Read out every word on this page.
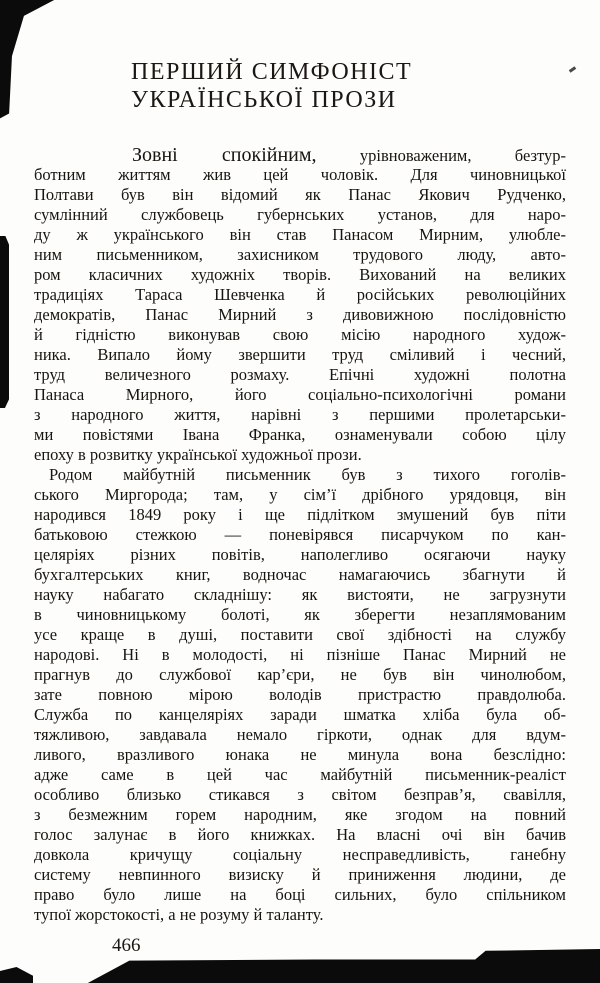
ПЕРШИЙ СИМФОНІСТ
УКРАЇНСЬКОЇ ПРОЗИ
Зовні спокійним, урівноваженим, безтур-
ботним життям жив цей чоловік. Для чиновницької
Полтави був він відомий як Панас Якович Рудченко,
сумлінний службовець губернських установ, для наро-
ду ж українського він став Панасом Мирним, улюбле-
ним письменником, захисником трудового люду, авто-
ром класичних художніх творів. Вихований на великих
традиціях Тараса Шевченка й російських революційних
демократів, Панас Мирний з дивовижною послідовністю
й гідністю виконував свою місію народного худож-
ника. Випало йому звершити труд сміливий і чесний,
труд величезного розмаху. Епічні художні полотна
Панаса Мирного, його соціально-психологічні романи
з народного життя, нарівні з першими пролетарськи-
ми повістями Івана Франка, ознаменували собою цілу
епоху в розвитку української художньої прози.
Родом майбутній письменник був з тихого гоголів-
ського Миргорода; там, у сім’ї дрібного урядовця, він
народився 1849 року і ще підлітком змушений був піти
батьковою стежкою — поневірявся писарчуком по кан-
целяріях різних повітів, наполегливо осягаючи науку
бухгалтерських книг, водночас намагаючись збагнути й
науку набагато складнішу: як вистояти, не загрузнути
в чиновницькому болоті, як зберегти незаплямованим
усе краще в душі, поставити свої здібності на службу
народові. Ні в молодості, ні пізніше Панас Мирний не
прагнув до службової кар’єри, не був він чинолюбом,
зате повною мірою володів пристрастю правдолюба.
Служба по канцеляріях заради шматка хліба була об-
тяжливою, завдавала немало гіркоти, однак для вдум-
ливого, вразливого юнака не минула вона безслідно:
адже саме в цей час майбутній письменник-реаліст
особливо близько стикався з світом безправ’я, свавілля,
з безмежним горем народним, яке згодом на повний
голос залунає в його книжках. На власні очі він бачив
довкола кричущу соціальну несправедливість, ганебну
систему невпинного визиску й приниження людини, де
право було лише на боці сильних, було спільником
тупої жорстокості, а не розуму й таланту.
466
